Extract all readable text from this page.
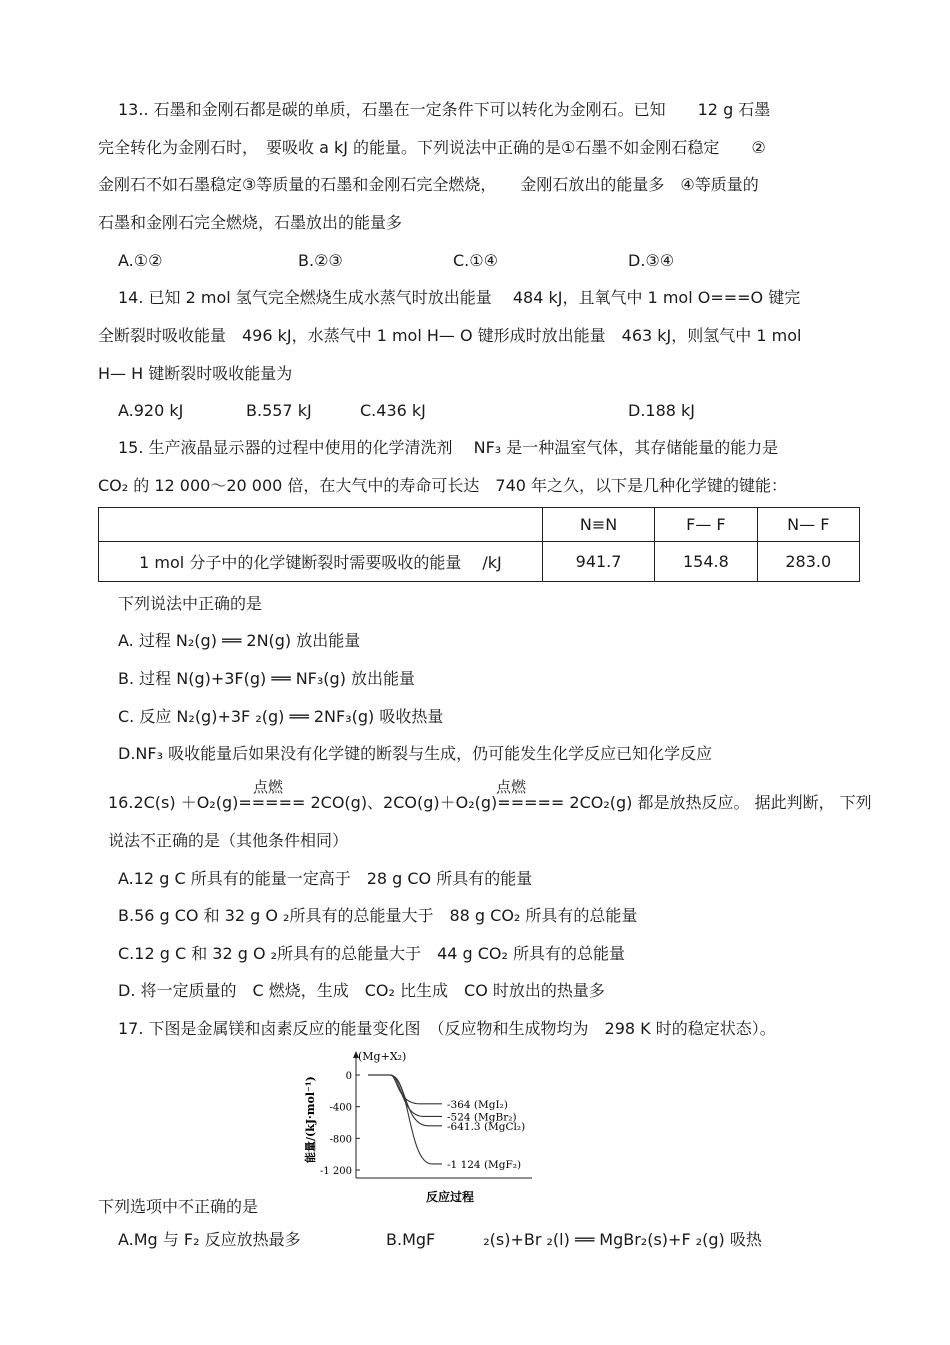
13.. 石墨和金刚石都是碳的单质，石墨在一定条件下可以转化为金刚石。已知　　12 g 石墨
完全转化为金刚石时，　要吸收 a kJ 的能量。下列说法中正确的是①石墨不如金刚石稳定　　②
金刚石不如石墨稳定③等质量的石墨和金刚石完全燃烧，　　金刚石放出的能量多　④等质量的
石墨和金刚石完全燃烧，石墨放出的能量多
A.①②	B.②③	C.①④	D.③④
14. 已知 2 mol 氢气完全燃烧生成水蒸气时放出能量　 484 kJ，且氧气中 1 mol O===O 键完
全断裂时吸收能量　496 kJ，水蒸气中 1 mol H— O 键形成时放出能量　463 kJ，则氢气中 1 mol
H— H 键断裂时吸收能量为
A.920 kJ	B.557 kJ	C.436 kJ	D.188 kJ
15. 生产液晶显示器的过程中使用的化学清洗剂　 NF₃ 是一种温室气体，其存储能量的能力是
CO₂ 的 12 000～20 000 倍，在大气中的寿命可长达　740 年之久，以下是几种化学键的键能：
	N≡N	F— F	N— F
1 mol 分子中的化学键断裂时需要吸收的能量　 /kJ	941.7	154.8	283.0
下列说法中正确的是
A. 过程 N₂(g) ══ 2N(g) 放出能量
B. 过程 N(g)+3F(g) ══ NF₃(g) 放出能量
C. 反应 N₂(g)+3F ₂(g) ══ 2NF₃(g) 吸收热量
D.NF₃ 吸收能量后如果没有化学键的断裂与生成，仍可能发生化学反应已知化学反应
点燃	点燃
16.2C(s) ＋O₂(g)===== 2CO(g)、2CO(g)＋O₂(g)===== 2CO₂(g) 都是放热反应。 据此判断， 下列
说法不正确的是（其他条件相同）
A.12 g C 所具有的能量一定高于　28 g CO 所具有的能量
B.56 g CO 和 32 g O ₂所具有的总能量大于　88 g CO₂ 所具有的总能量
C.12 g C 和 32 g O ₂所具有的总能量大于　44 g CO₂ 所具有的总能量
D. 将一定质量的　C 燃烧，生成　CO₂ 比生成　CO 时放出的热量多
17. 下图是金属镁和卤素反应的能量变化图　（反应物和生成物均为　298 K 时的稳定状态）。
(Mg+X₂)
能量/(kJ·mol⁻¹)
反应过程
0
-400
-800
-1 200
-364 (MgI₂)
-524 (MgBr₂)
-641.3 (MgCl₂)
-1 124 (MgF₂)
下列选项中不正确的是
A.Mg 与 F₂ 反应放热最多	B.MgF　　　₂(s)+Br ₂(l) ══ MgBr₂(s)+F ₂(g) 吸热
